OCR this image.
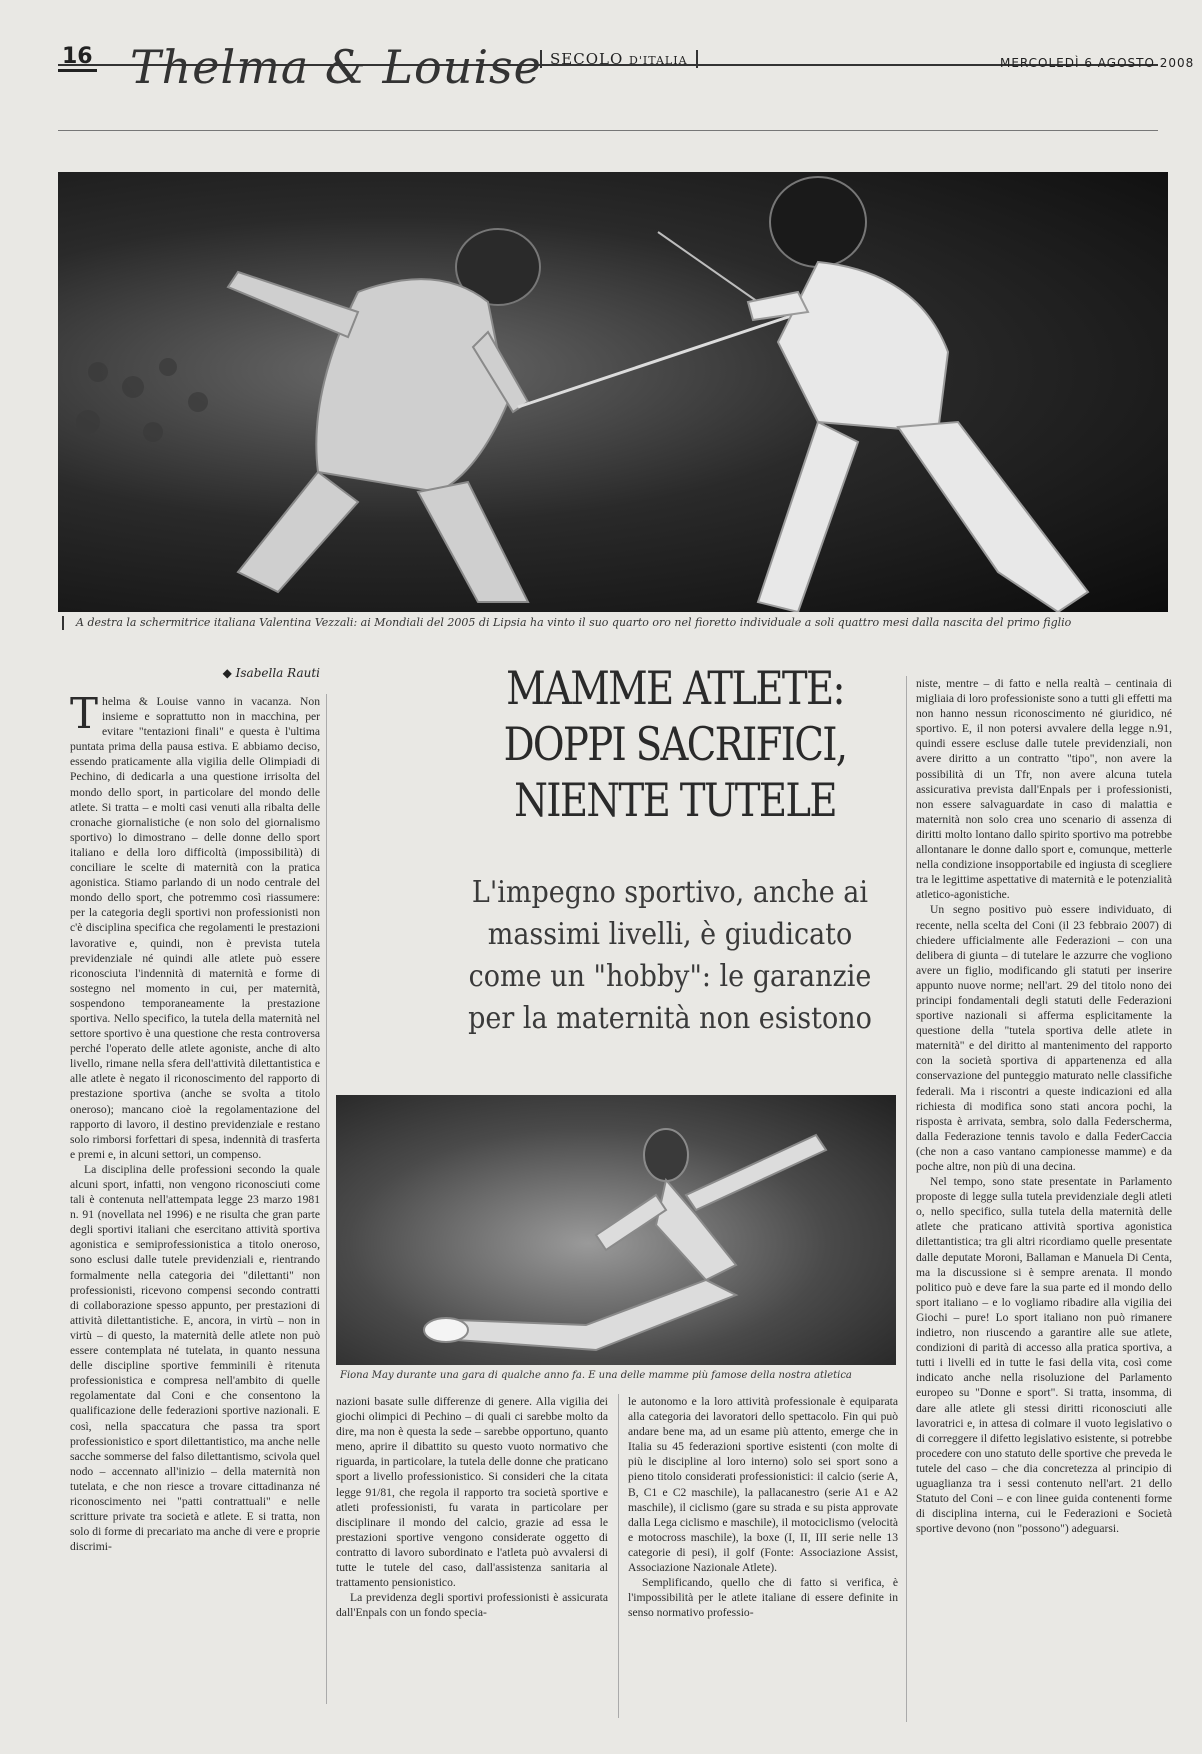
16 Thelma & Louise SECOLO D'ITALIA	MERCOLEDÌ 6 AGOSTO 2008
A destra la schermitrice italiana Valentina Vezzali: ai Mondiali del 2005 di Lipsia ha vinto il suo quarto oro nel fioretto individuale a soli quattro mesi dalla nascita del primo figlio
◆ Isabella Rauti	MAMME ATLETE: DOPPI SACRIFICI, NIENTE TUTELE
L'impegno sportivo, anche ai massimi livelli, è giudicato come un "hobby": le garanzie per la maternità non esistono

Thelma & Louise vanno in vacanza. Non insieme e soprattutto non in macchina, per evitare "tentazioni finali" e questa è l'ultima puntata prima della pausa estiva. E abbiamo deciso, essendo praticamente alla vigilia delle Olimpiadi di Pechino, di dedicarla a una questione irrisolta del mondo dello sport, in particolare del mondo delle atlete. Si tratta – e molti casi venuti alla ribalta delle cronache giornalistiche (e non solo del giornalismo sportivo) lo dimostrano – delle donne dello sport italiano e della loro difficoltà (impossibilità) di conciliare le scelte di maternità con la pratica agonistica. Stiamo parlando di un nodo centrale del mondo dello sport, che potremmo così riassumere: per la categoria degli sportivi non professionisti non c'è disciplina specifica che regolamenti le prestazioni lavorative e, quindi, non è prevista tutela previdenziale né quindi alle atlete può essere riconosciuta l'indennità di maternità e forme di sostegno nel momento in cui, per maternità, sospendono temporaneamente la prestazione sportiva. Nello specifico, la tutela della maternità nel settore sportivo è una questione che resta controversa perché l'operato delle atlete agoniste, anche di alto livello, rimane nella sfera dell'attività dilettantistica e alle atlete è negato il riconoscimento del rapporto di prestazione sportiva (anche se svolta a titolo oneroso); mancano cioè la regolamentazione del rapporto di lavoro, il destino previdenziale e restano solo rimborsi forfettari di spesa, indennità di trasferta e premi e, in alcuni settori, un compenso.

La disciplina delle professioni secondo la quale alcuni sport, infatti, non vengono riconosciuti come tali è contenuta nell'attempata legge 23 marzo 1981 n. 91 (novellata nel 1996) e ne risulta che gran parte degli sportivi italiani che esercitano attività sportiva agonistica e semiprofessionistica a titolo oneroso, sono esclusi dalle tutele previdenziali e, rientrando formalmente nella categoria dei "dilettanti" non professionisti, ricevono compensi secondo contratti di collaborazione spesso appunto, per prestazioni di attività dilettantistiche. E, ancora, in virtù – non in virtù – di questo, la maternità delle atlete non può essere contemplata né tutelata, in quanto nessuna delle discipline sportive femminili è ritenuta professionistica e compresa nell'ambito di quelle regolamentate dal Coni e che consentono la qualificazione delle federazioni sportive nazionali. E così, nella spaccatura che passa tra sport professionistico e sport dilettantistico, ma anche nelle sacche sommerse del falso dilettantismo, scivola quel nodo – accennato all'inizio – della maternità non tutelata, e che non riesce a trovare cittadinanza né riconoscimento nei "patti contrattuali" e nelle scritture private tra società e atlete. E si tratta, non solo di forme di precariato ma anche di vere e proprie discrimi-

Fiona May durante una gara di qualche anno fa. È una delle mamme più famose della nostra atletica

nazioni basate sulle differenze di genere. Alla vigilia dei giochi olimpici di Pechino – di quali ci sarebbe molto da dire, ma non è questa la sede – sarebbe opportuno, quanto meno, aprire il dibattito su questo vuoto normativo che riguarda, in particolare, la tutela delle donne che praticano sport a livello professionistico. Si consideri che la citata legge 91/81, che regola il rapporto tra società sportive e atleti professionisti, fu varata in particolare per disciplinare il mondo del calcio, grazie ad essa le prestazioni sportive vengono considerate oggetto di contratto di lavoro subordinato e l'atleta può avvalersi di tutte le tutele del caso, dall'assistenza sanitaria al trattamento pensionistico.

La previdenza degli sportivi professionisti è assicurata dall'Enpals con un fondo specia-

le autonomo e la loro attività professionale è equiparata alla categoria dei lavoratori dello spettacolo. Fin qui può andare bene ma, ad un esame più attento, emerge che in Italia su 45 federazioni sportive esistenti (con molte di più le discipline al loro interno) solo sei sport sono a pieno titolo considerati professionistici: il calcio (serie A, B, C1 e C2 maschile), la pallacanestro (serie A1 e A2 maschile), il ciclismo (gare su strada e su pista approvate dalla Lega ciclismo e maschile), il motociclismo (velocità e motocross maschile), la boxe (I, II, III serie nelle 13 categorie di pesi), il golf (Fonte: Associazione Assist, Associazione Nazionale Atlete).

Semplificando, quello che di fatto si verifica, è l'impossibilità per le atlete italiane di essere definite in senso normativo professio-

niste, mentre – di fatto e nella realtà – centinaia di migliaia di loro professioniste sono a tutti gli effetti ma non hanno nessun riconoscimento né giuridico, né sportivo. E, il non potersi avvalere della legge n.91, quindi essere escluse dalle tutele previdenziali, non avere diritto a un contratto "tipo", non avere la possibilità di un Tfr, non avere alcuna tutela assicurativa prevista dall'Enpals per i professionisti, non essere salvaguardate in caso di malattia e maternità non solo crea uno scenario di assenza di diritti molto lontano dallo spirito sportivo ma potrebbe allontanare le donne dallo sport e, comunque, metterle nella condizione insopportabile ed ingiusta di scegliere tra le legittime aspettative di maternità e le potenzialità atletico-agonistiche.

Un segno positivo può essere individuato, di recente, nella scelta del Coni (il 23 febbraio 2007) di chiedere ufficialmente alle Federazioni – con una delibera di giunta – di tutelare le azzurre che vogliono avere un figlio, modificando gli statuti per inserire appunto nuove norme; nell'art. 29 del titolo nono dei principi fondamentali degli statuti delle Federazioni sportive nazionali si afferma esplicitamente la questione della "tutela sportiva delle atlete in maternità" e del diritto al mantenimento del rapporto con la società sportiva di appartenenza ed alla conservazione del punteggio maturato nelle classifiche federali. Ma i riscontri a queste indicazioni ed alla richiesta di modifica sono stati ancora pochi, la risposta è arrivata, sembra, solo dalla Federscherma, dalla Federazione tennis tavolo e dalla FederCaccia (che non a caso vantano campionesse mamme) e da poche altre, non più di una decina.

Nel tempo, sono state presentate in Parlamento proposte di legge sulla tutela previdenziale degli atleti o, nello specifico, sulla tutela della maternità delle atlete che praticano attività sportiva agonistica dilettantistica; tra gli altri ricordiamo quelle presentate dalle deputate Moroni, Ballaman e Manuela Di Centa, ma la discussione si è sempre arenata. Il mondo politico può e deve fare la sua parte ed il mondo dello sport italiano – e lo vogliamo ribadire alla vigilia dei Giochi – pure! Lo sport italiano non può rimanere indietro, non riuscendo a garantire alle sue atlete, condizioni di parità di accesso alla pratica sportiva, a tutti i livelli ed in tutte le fasi della vita, così come indicato anche nella risoluzione del Parlamento europeo su "Donne e sport". Si tratta, insomma, di dare alle atlete gli stessi diritti riconosciuti alle lavoratrici e, in attesa di colmare il vuoto legislativo o di correggere il difetto legislativo esistente, si potrebbe procedere con uno statuto delle sportive che preveda le tutele del caso – che dia concretezza al principio di uguaglianza tra i sessi contenuto nell'art. 21 dello Statuto del Coni – e con linee guida contenenti forme di disciplina interna, cui le Federazioni e Società sportive devono (non "possono") adeguarsi.
